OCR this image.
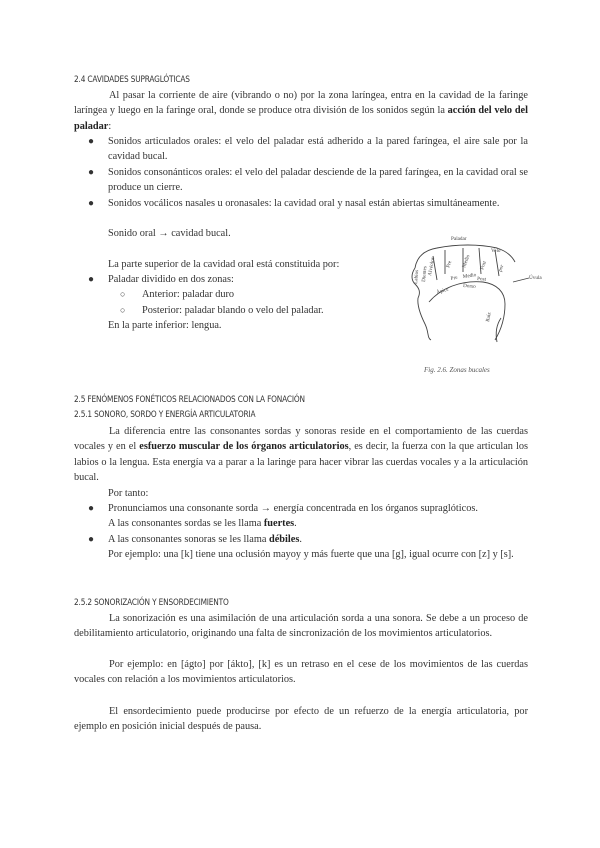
2.4 CAVIDADES SUPRAGLÓTICAS

Al pasar la corriente de aire (vibrando o no) por la zona laríngea, entra en la cavidad de la faringe laríngea y luego en la faringe oral, donde se produce otra división de los sonidos según la acción del velo del paladar:

● Sonidos articulados orales: el velo del paladar está adherido a la pared faríngea, el aire sale por la cavidad bucal.
● Sonidos consonánticos orales: el velo del paladar desciende de la pared faríngea, en la cavidad oral se produce un cierre.
● Sonidos vocálicos nasales u oronasales: la cavidad oral y nasal están abiertas simultáneamente.

Sonido oral → cavidad bucal.

La parte superior de la cavidad oral está constituida por:

● Paladar dividido en dos zonas:
○ Anterior: paladar duro
○ Posterior: paladar blando o velo del paladar.

En la parte inferior: lengua.

Paladar
Velo
Pre Medio Post por
Alvéolos
Dientes
Labios	Pre Medio Post
Dorso
Ápice
Raíz
Úvula

Fig. 2.6. Zonas bucales

2.5 FENÓMENOS FONÉTICOS RELACIONADOS CON LA FONACIÓN

2.5.1 SONORO, SORDO Y ENERGÍA ARTICULATORIA

La diferencia entre las consonantes sordas y sonoras reside en el comportamiento de las cuerdas vocales y en el esfuerzo muscular de los órganos articulatorios, es decir, la fuerza con la que articulan los labios o la lengua. Esta energía va a parar a la laringe para hacer vibrar las cuerdas vocales y a la articulación bucal.

Por tanto:

● Pronunciamos una consonante sorda → energía concentrada en los órganos supraglóticos.
A las consonantes sordas se les llama fuertes.
● A las consonantes sonoras se les llama débiles.
Por ejemplo: una [k] tiene una oclusión mayoy y más fuerte que una [g], igual ocurre con [z] y [s].

2.5.2 SONORIZACIÓN Y ENSORDECIMIENTO

La sonorización es una asimilación de una articulación sorda a una sonora. Se debe a un proceso de debilitamiento articulatorio, originando una falta de sincronización de los movimientos articulatorios.

Por ejemplo: en [ágto] por [ákto], [k] es un retraso en el cese de los movimientos de las cuerdas vocales con relación a los movimientos articulatorios.

El ensordecimiento puede producirse por efecto de un refuerzo de la energía articulatoria, por ejemplo en posición inicial después de pausa.
